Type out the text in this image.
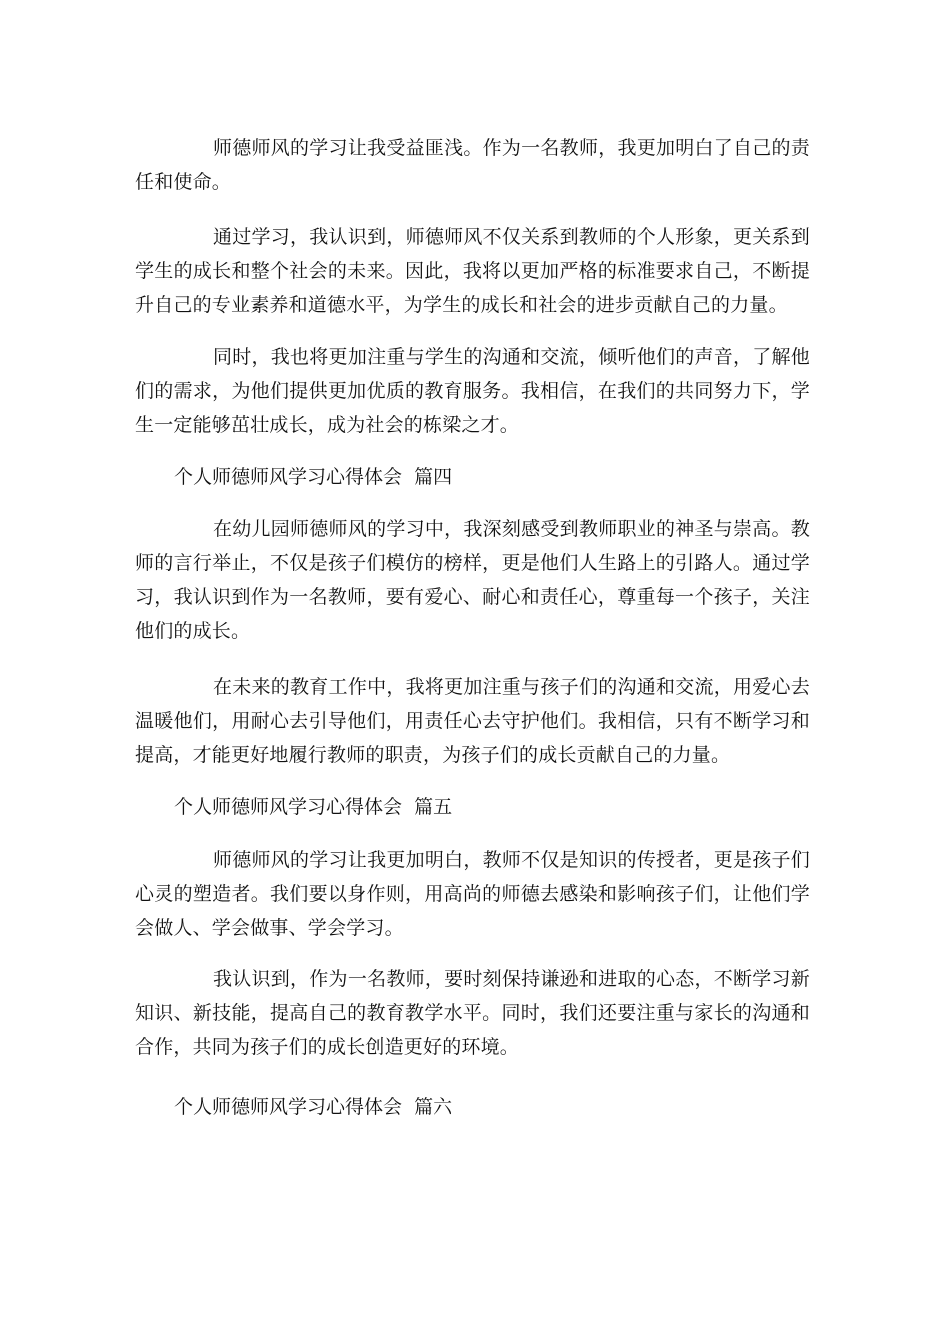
师德师风的学习让我受益匪浅。作为一名教师，我更加明白了自己的责任和使命。

通过学习，我认识到，师德师风不仅关系到教师的个人形象，更关系到学生的成长和整个社会的未来。因此，我将以更加严格的标准要求自己，不断提升自己的专业素养和道德水平，为学生的成长和社会的进步贡献自己的力量。

同时，我也将更加注重与学生的沟通和交流，倾听他们的声音，了解他们的需求，为他们提供更加优质的教育服务。我相信，在我们的共同努力下，学生一定能够茁壮成长，成为社会的栋梁之才。

个人师德师风学习心得体会  篇四

在幼儿园师德师风的学习中，我深刻感受到教师职业的神圣与崇高。教师的言行举止，不仅是孩子们模仿的榜样，更是他们人生路上的引路人。通过学习，我认识到作为一名教师，要有爱心、耐心和责任心，尊重每一个孩子，关注他们的成长。

在未来的教育工作中，我将更加注重与孩子们的沟通和交流，用爱心去温暖他们，用耐心去引导他们，用责任心去守护他们。我相信，只有不断学习和提高，才能更好地履行教师的职责，为孩子们的成长贡献自己的力量。

个人师德师风学习心得体会  篇五

师德师风的学习让我更加明白，教师不仅是知识的传授者，更是孩子们心灵的塑造者。我们要以身作则，用高尚的师德去感染和影响孩子们，让他们学会做人、学会做事、学会学习。

我认识到，作为一名教师，要时刻保持谦逊和进取的心态，不断学习新知识、新技能，提高自己的教育教学水平。同时，我们还要注重与家长的沟通和合作，共同为孩子们的成长创造更好的环境。

个人师德师风学习心得体会  篇六
